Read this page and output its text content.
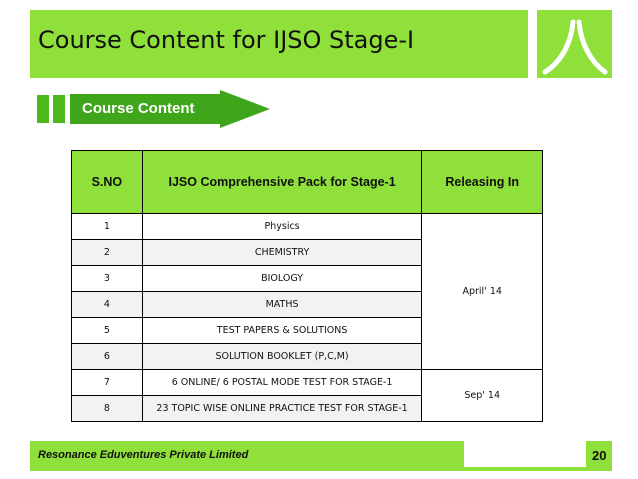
Course Content for IJSO Stage-I
Course Content
S.NO	IJSO Comprehensive Pack for Stage-1	Releasing In
1	Physics	April' 14
2	CHEMISTRY	
3	BIOLOGY	
4	MATHS	
5	TEST PAPERS & SOLUTIONS	
6	SOLUTION BOOKLET (P,C,M)	
7	6 ONLINE/ 6 POSTAL MODE TEST FOR STAGE-1	Sep' 14
8	23 TOPIC WISE ONLINE PRACTICE TEST FOR STAGE-1	
Resonance Eduventures Private Limited	20
